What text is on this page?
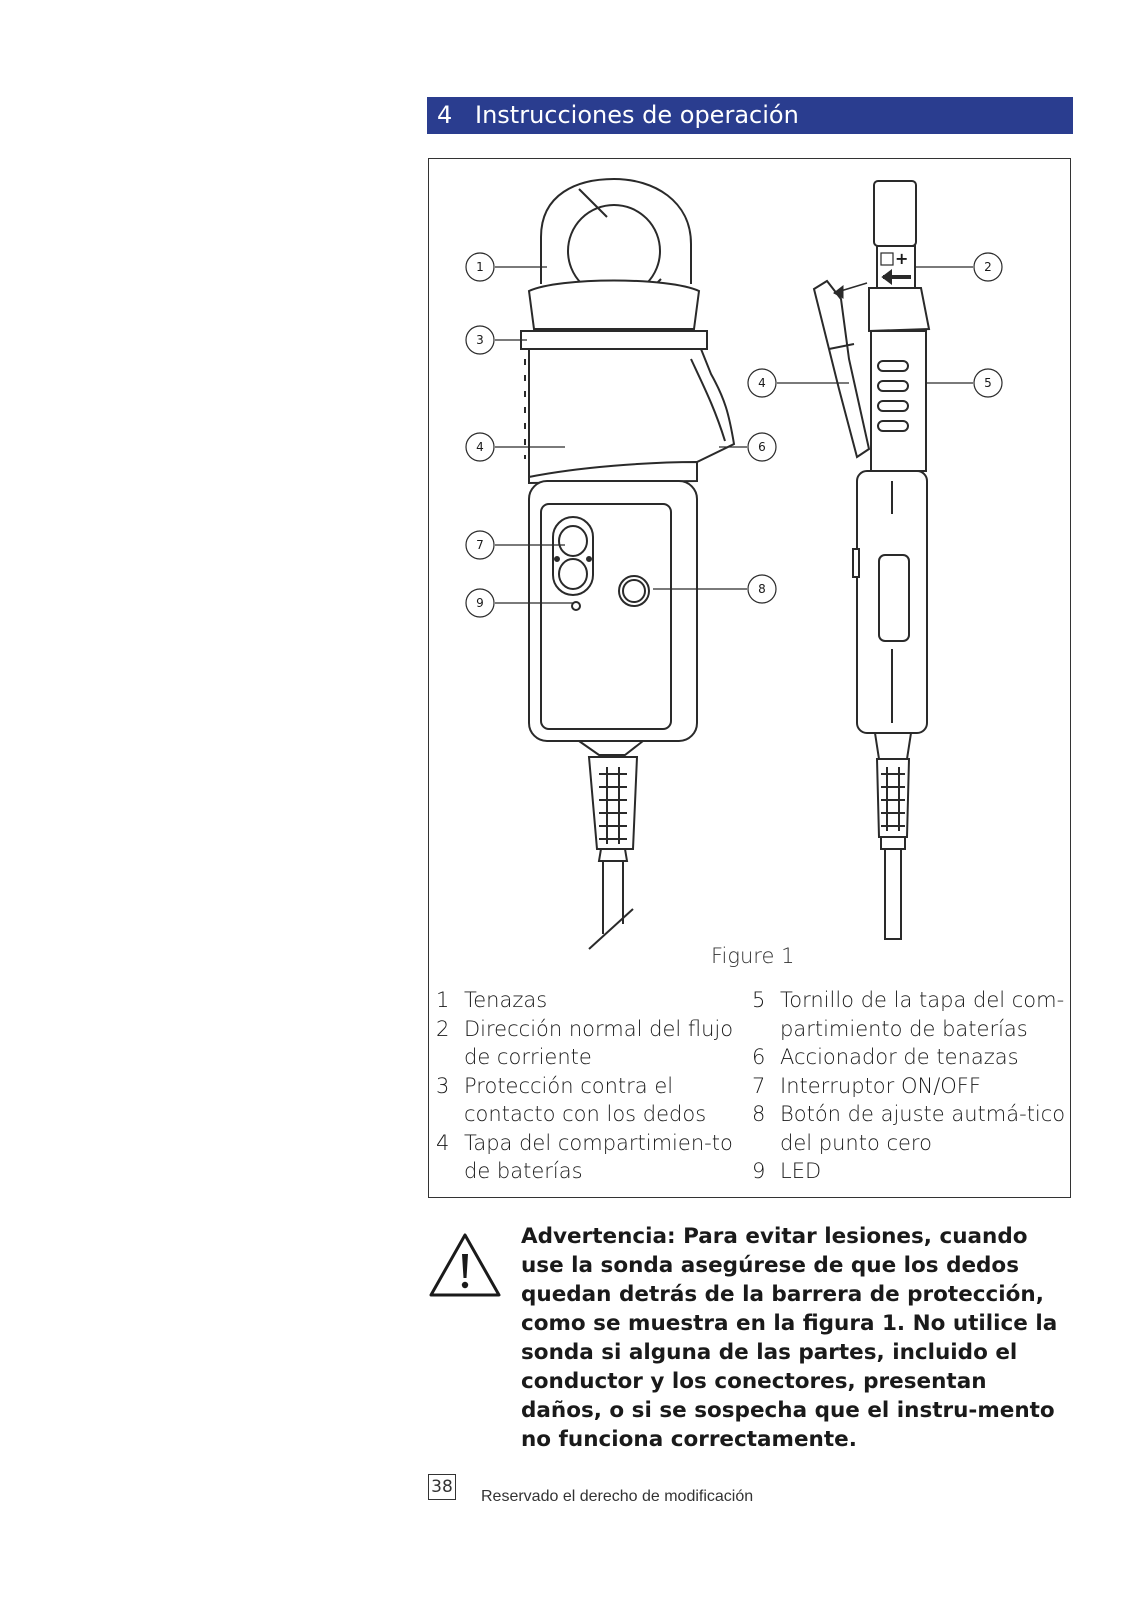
4 Instrucciones de operación
+
1	2
3
4
4	5
6
7
8
9
Figure 1
1 Tenazas
2 Dirección normal del flujo de corriente
3 Protección contra el contacto con los dedos
4 Tapa del compartimien-to de baterías
5 Tornillo de la tapa del com-partimiento de baterías
6 Accionador de tenazas
7 Interruptor ON/OFF
8 Botón de ajuste autmá-tico del punto cero
9 LED

Advertencia: Para evitar lesiones, cuando use la sonda asegúrese de que los dedos quedan detrás de la barrera de protección, como se muestra en la figura 1. No utilice la sonda si alguna de las partes, incluido el conductor y los conectores, presentan daños, o si se sospecha que el instru-mento no funciona correctamente.

38 Reservado el derecho de modificación
